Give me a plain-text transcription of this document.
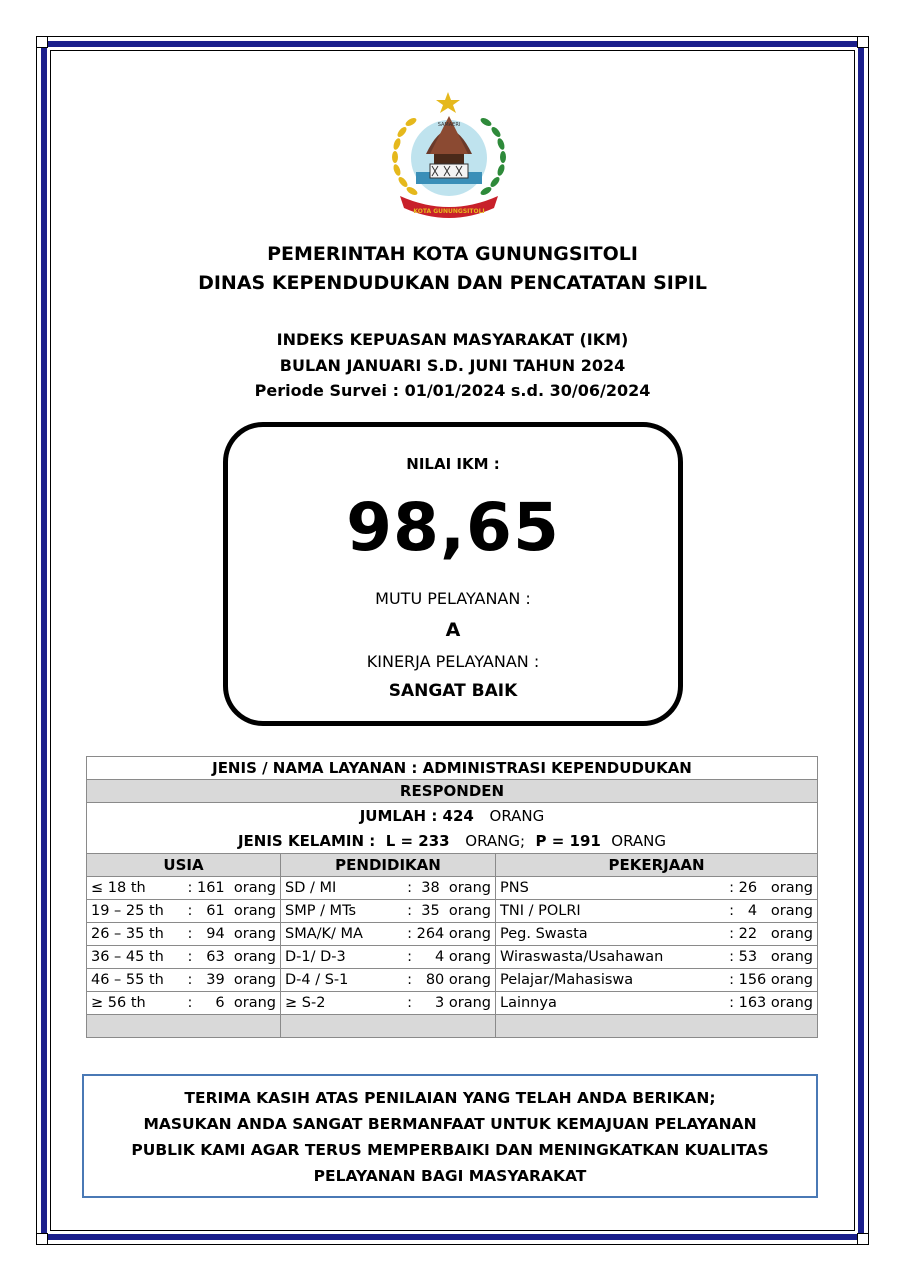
KOTA GUNUNGSITOLI
SAMAERI
PEMERINTAH KOTA GUNUNGSITOLI
DINAS KEPENDUDUKAN DAN PENCATATAN SIPIL
INDEKS KEPUASAN MASYARAKAT (IKM)
BULAN JANUARI S.D. JUNI TAHUN 2024
Periode Survei : 01/01/2024 s.d. 30/06/2024
NILAI IKM :
98,65
MUTU PELAYANAN :
A
KINERJA PELAYANAN :
SANGAT BAIK
JENIS / NAMA LAYANAN : ADMINISTRASI KEPENDUDUKAN		
RESPONDEN		

JUMLAH : 424 ORANG		

JENIS KELAMIN : L = 233 ORANG; P = 191 ORANG		

USIA	PENDIDIKAN	PEKERJAAN

≤ 18 th : 161  orang	SD / MI :  38  orang	PNS : 26   orang

19 – 25 th :   61  orang	SMP / MTs :  35  orang	TNI / POLRI :   4   orang

26 – 35 th :   94  orang	SMA/K/ MA : 264 orang	Peg. Swasta : 22   orang

36 – 45 th :   63  orang	D-1/ D-3 :     4 orang	Wiraswasta/Usahawan : 53   orang

46 – 55 th :   39  orang	D-4 / S-1 :   80 orang	Pelajar/Mahasiswa : 156 orang

≥ 56 th :     6  orang	≥ S-2 :     3 orang	Lainnya : 163 orang

TERIMA KASIH ATAS PENILAIAN YANG TELAH ANDA BERIKAN;
MASUKAN ANDA SANGAT BERMANFAAT UNTUK KEMAJUAN PELAYANAN
PUBLIK KAMI AGAR TERUS MEMPERBAIKI DAN MENINGKATKAN KUALITAS
PELAYANAN BAGI MASYARAKAT
